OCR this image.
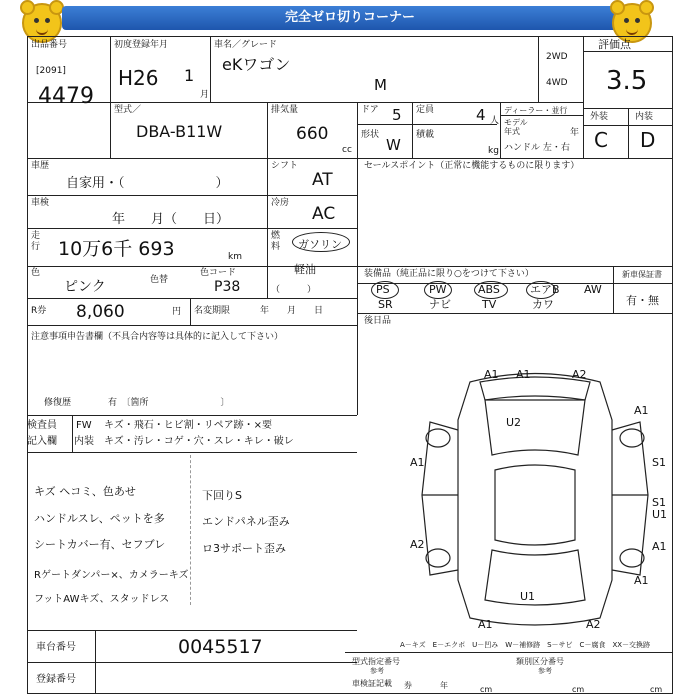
完全ゼロ切りコーナー
出品番号
[2091]
4479
初度登録年月
H26 1
月
車名／グレード
eKワゴン
M
2WD
4WD
評価点
3.5
外装	内装
C D
型式／
DBA-B11W
排気量
660
cc
ドア 5
形状
W
定員	4 人
積載
kg
ディーラー・並行
モデル年式	年
ハンドル 左・右
車歴
自家用・（　　　　　　　）
車検
年　　月（　　日）
走行 10万6千 693	km
色
ピンク	色替
色コード
P38
R券 8,060	円 名変期限	年　　月　　日
シフト
AT
冷房
AC
燃料 ガソリン
軽油
（　　　）
セールスポイント（正常に機能するものに限ります）
装備品（純正品に限り○をつけて下さい）	新車保証書
有・無
PS	PW	ABS	エアB AW
SR	ナビ	TV	カワ
後日品
注意事項申告書欄（不具合内容等は具体的に記入して下さい）
修復歴	有　〔箇所　　　　　　　　〕
検査員
記入欄
FW キズ・飛石・ヒビ割・リペア跡・×要
内装 キズ・汚レ・コゲ・穴・スレ・キレ・破レ
キズ ヘコミ、色あせ
ハンドルスレ、ペットを多
シートカバー有、セフブレ
Rゲートダンパー×、カメラーキズ
フットAWキズ、スタッドレス
下回りS
エンドパネル歪み
ロ3サポート歪み
車台番号	0045517
登録番号
A1 A1	A2
A1
U2
A1	S1
S1
U1
A2	A1
A1
U1
A1	A2
A－キズ　E－エクボ　U－凹み　W－補修跡　S－サビ　C－腐食　XX－交換跡
型式指定番号
参考
類別区分番号
参考
車検証記載 券	年	cm	cm	cm
